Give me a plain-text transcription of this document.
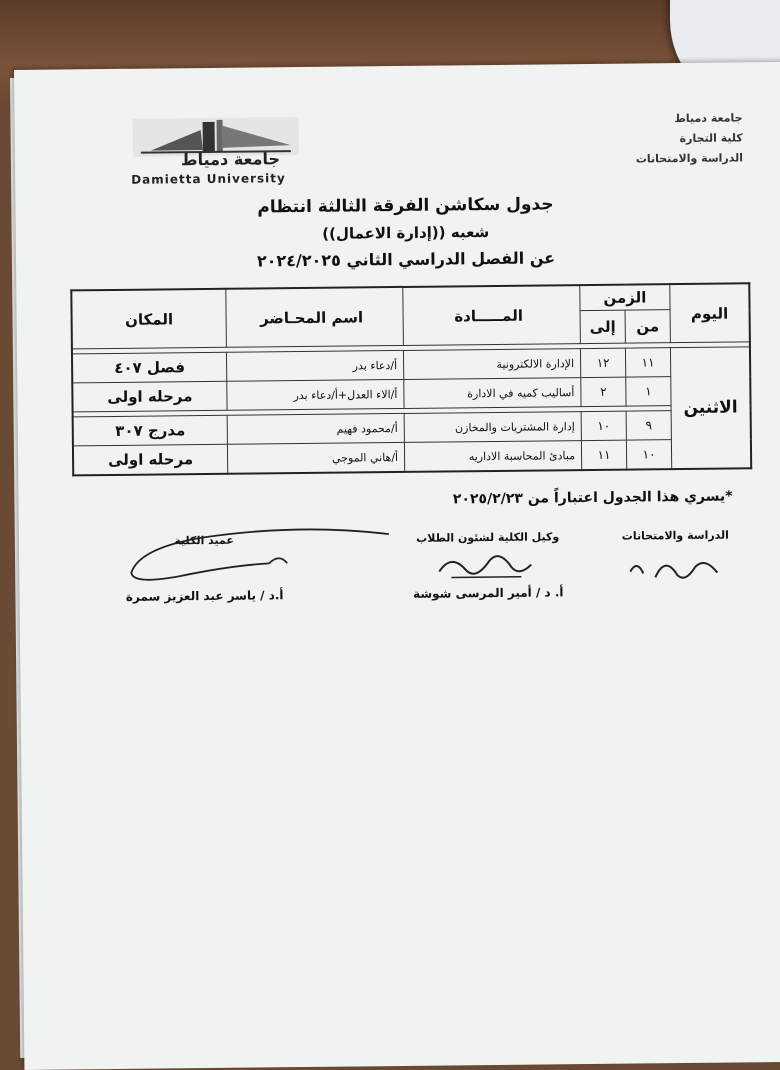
جامعة دمياط
كلية التجارة
الدراسة والامتحانات
جامعة دمياط
Damietta University
جدول سكاشن الفرقة الثالثة انتظام
شعبه ((إدارة الاعمال))
عن الفصل الدراسي الثاني ٢٠٢٤/٢٠٢٥
اليوم	الزمن		المـــــادة	اسم المحـاضر	المكان
	من	إلى			

الاثنين	١١	١٢	الإدارة الالكترونية	أ/دعاء بدر	فصل ٤٠٧
	١	٢	أساليب كميه في الادارة	أ/الاء العدل+أ/دعاء بدر	مرحله اولى

	٩	١٠	إدارة المشتريات والمخازن	أ/محمود فهيم	مدرج ٣٠٧
	١٠	١١	مبادئ المحاسبة الاداريه	أ/هاني الموجي	مرحله اولى
*يسري هذا الجدول اعتباراً من ٢٠٢٥/٢/٢٣
الدراسة والامتحانات
وكيل الكلية لشئون الطلاب
أ. د / أمير المرسى شوشة
عميد الكلية
أ.د / ياسر عبد العزيز سمرة
